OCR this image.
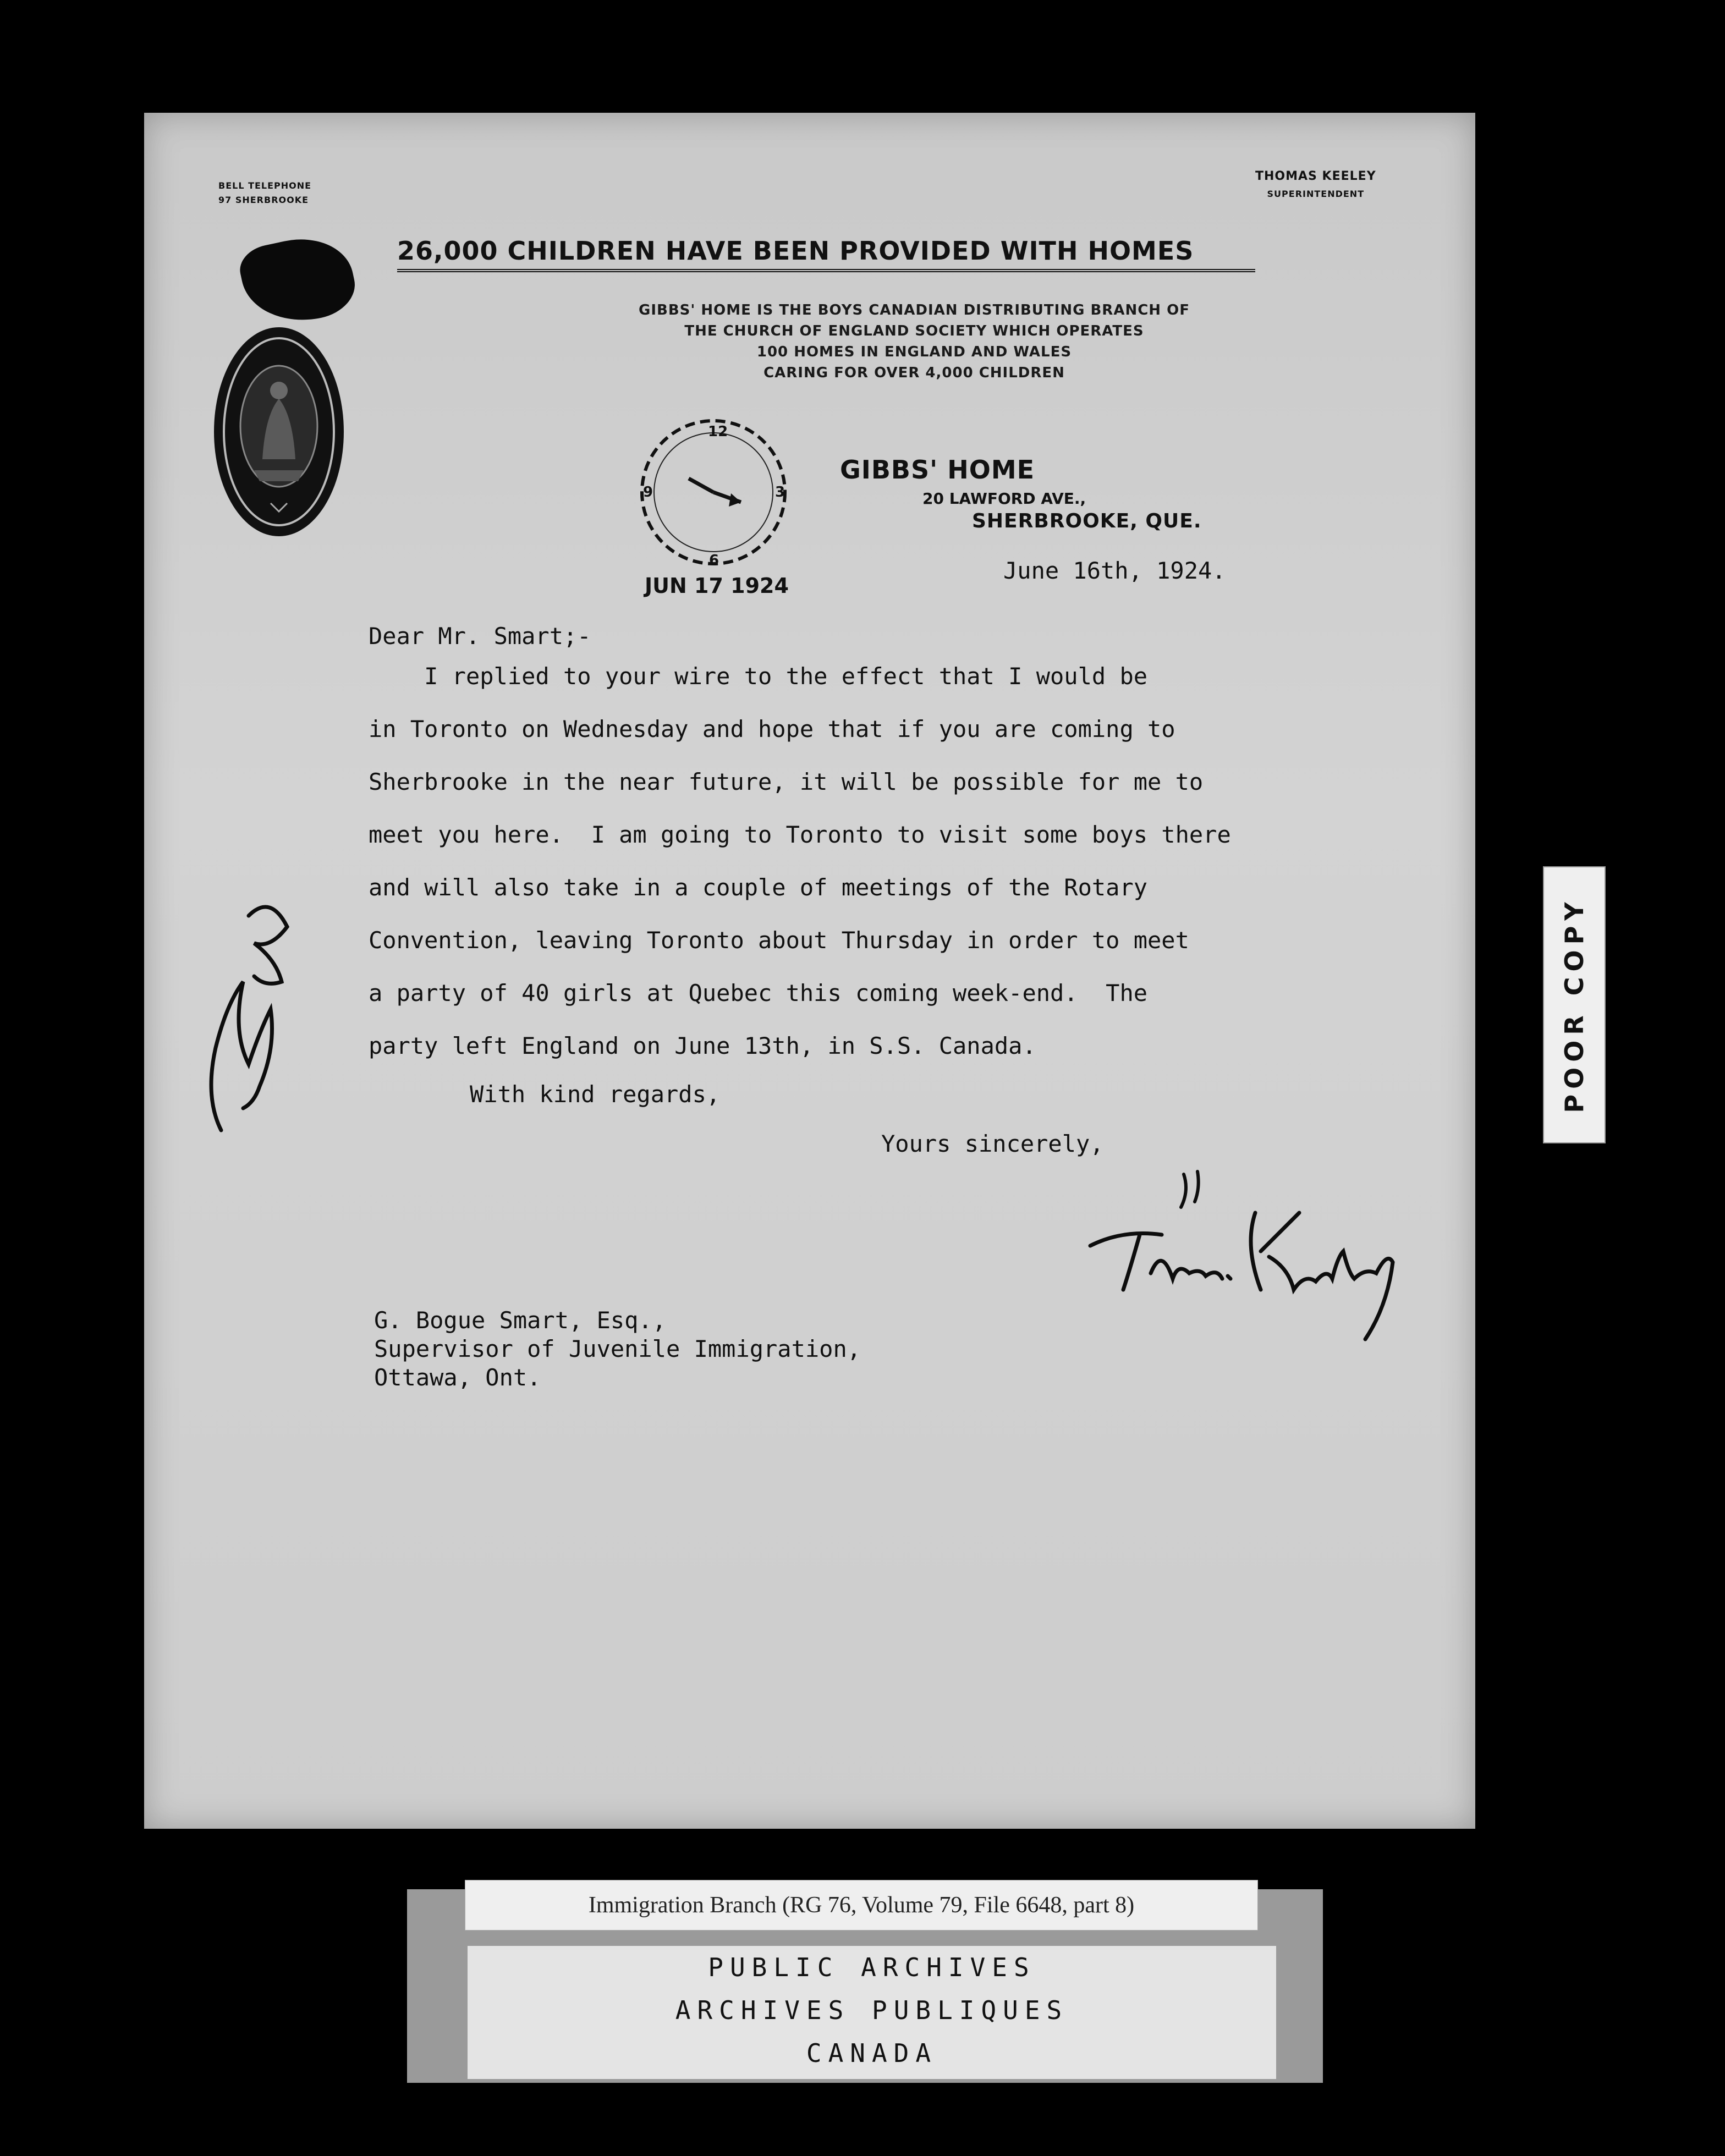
BELL TELEPHONE
97 SHERBROOKE
THOMAS KEELEY
SUPERINTENDENT
26,000 CHILDREN HAVE BEEN PROVIDED WITH HOMES
GIBBS' HOME IS THE BOYS CANADIAN DISTRIBUTING BRANCH OF
THE CHURCH OF ENGLAND SOCIETY WHICH OPERATES
100 HOMES IN ENGLAND AND WALES
CARING FOR OVER 4,000 CHILDREN
12
6
3
9
JUN 17 1924
GIBBS' HOME
20 LAWFORD AVE.,
SHERBROOKE, QUE.
June 16th, 1924.
Dear Mr. Smart;-
I replied to your wire to the effect that I would be
in Toronto on Wednesday and hope that if you are coming to
Sherbrooke in the near future, it will be possible for me to
meet you here.  I am going to Toronto to visit some boys there
and will also take in a couple of meetings of the Rotary
Convention, leaving Toronto about Thursday in order to meet
a party of 40 girls at Quebec this coming week-end.  The
party left England on June 13th, in S.S. Canada.
With kind regards,
Yours sincerely,
G. Bogue Smart, Esq.,
Supervisor of Juvenile Immigration,
Ottawa, Ont.
POOR COPY
Immigration Branch (RG 76, Volume 79, File 6648, part 8)
PUBLIC ARCHIVES
ARCHIVES PUBLIQUES
CANADA
